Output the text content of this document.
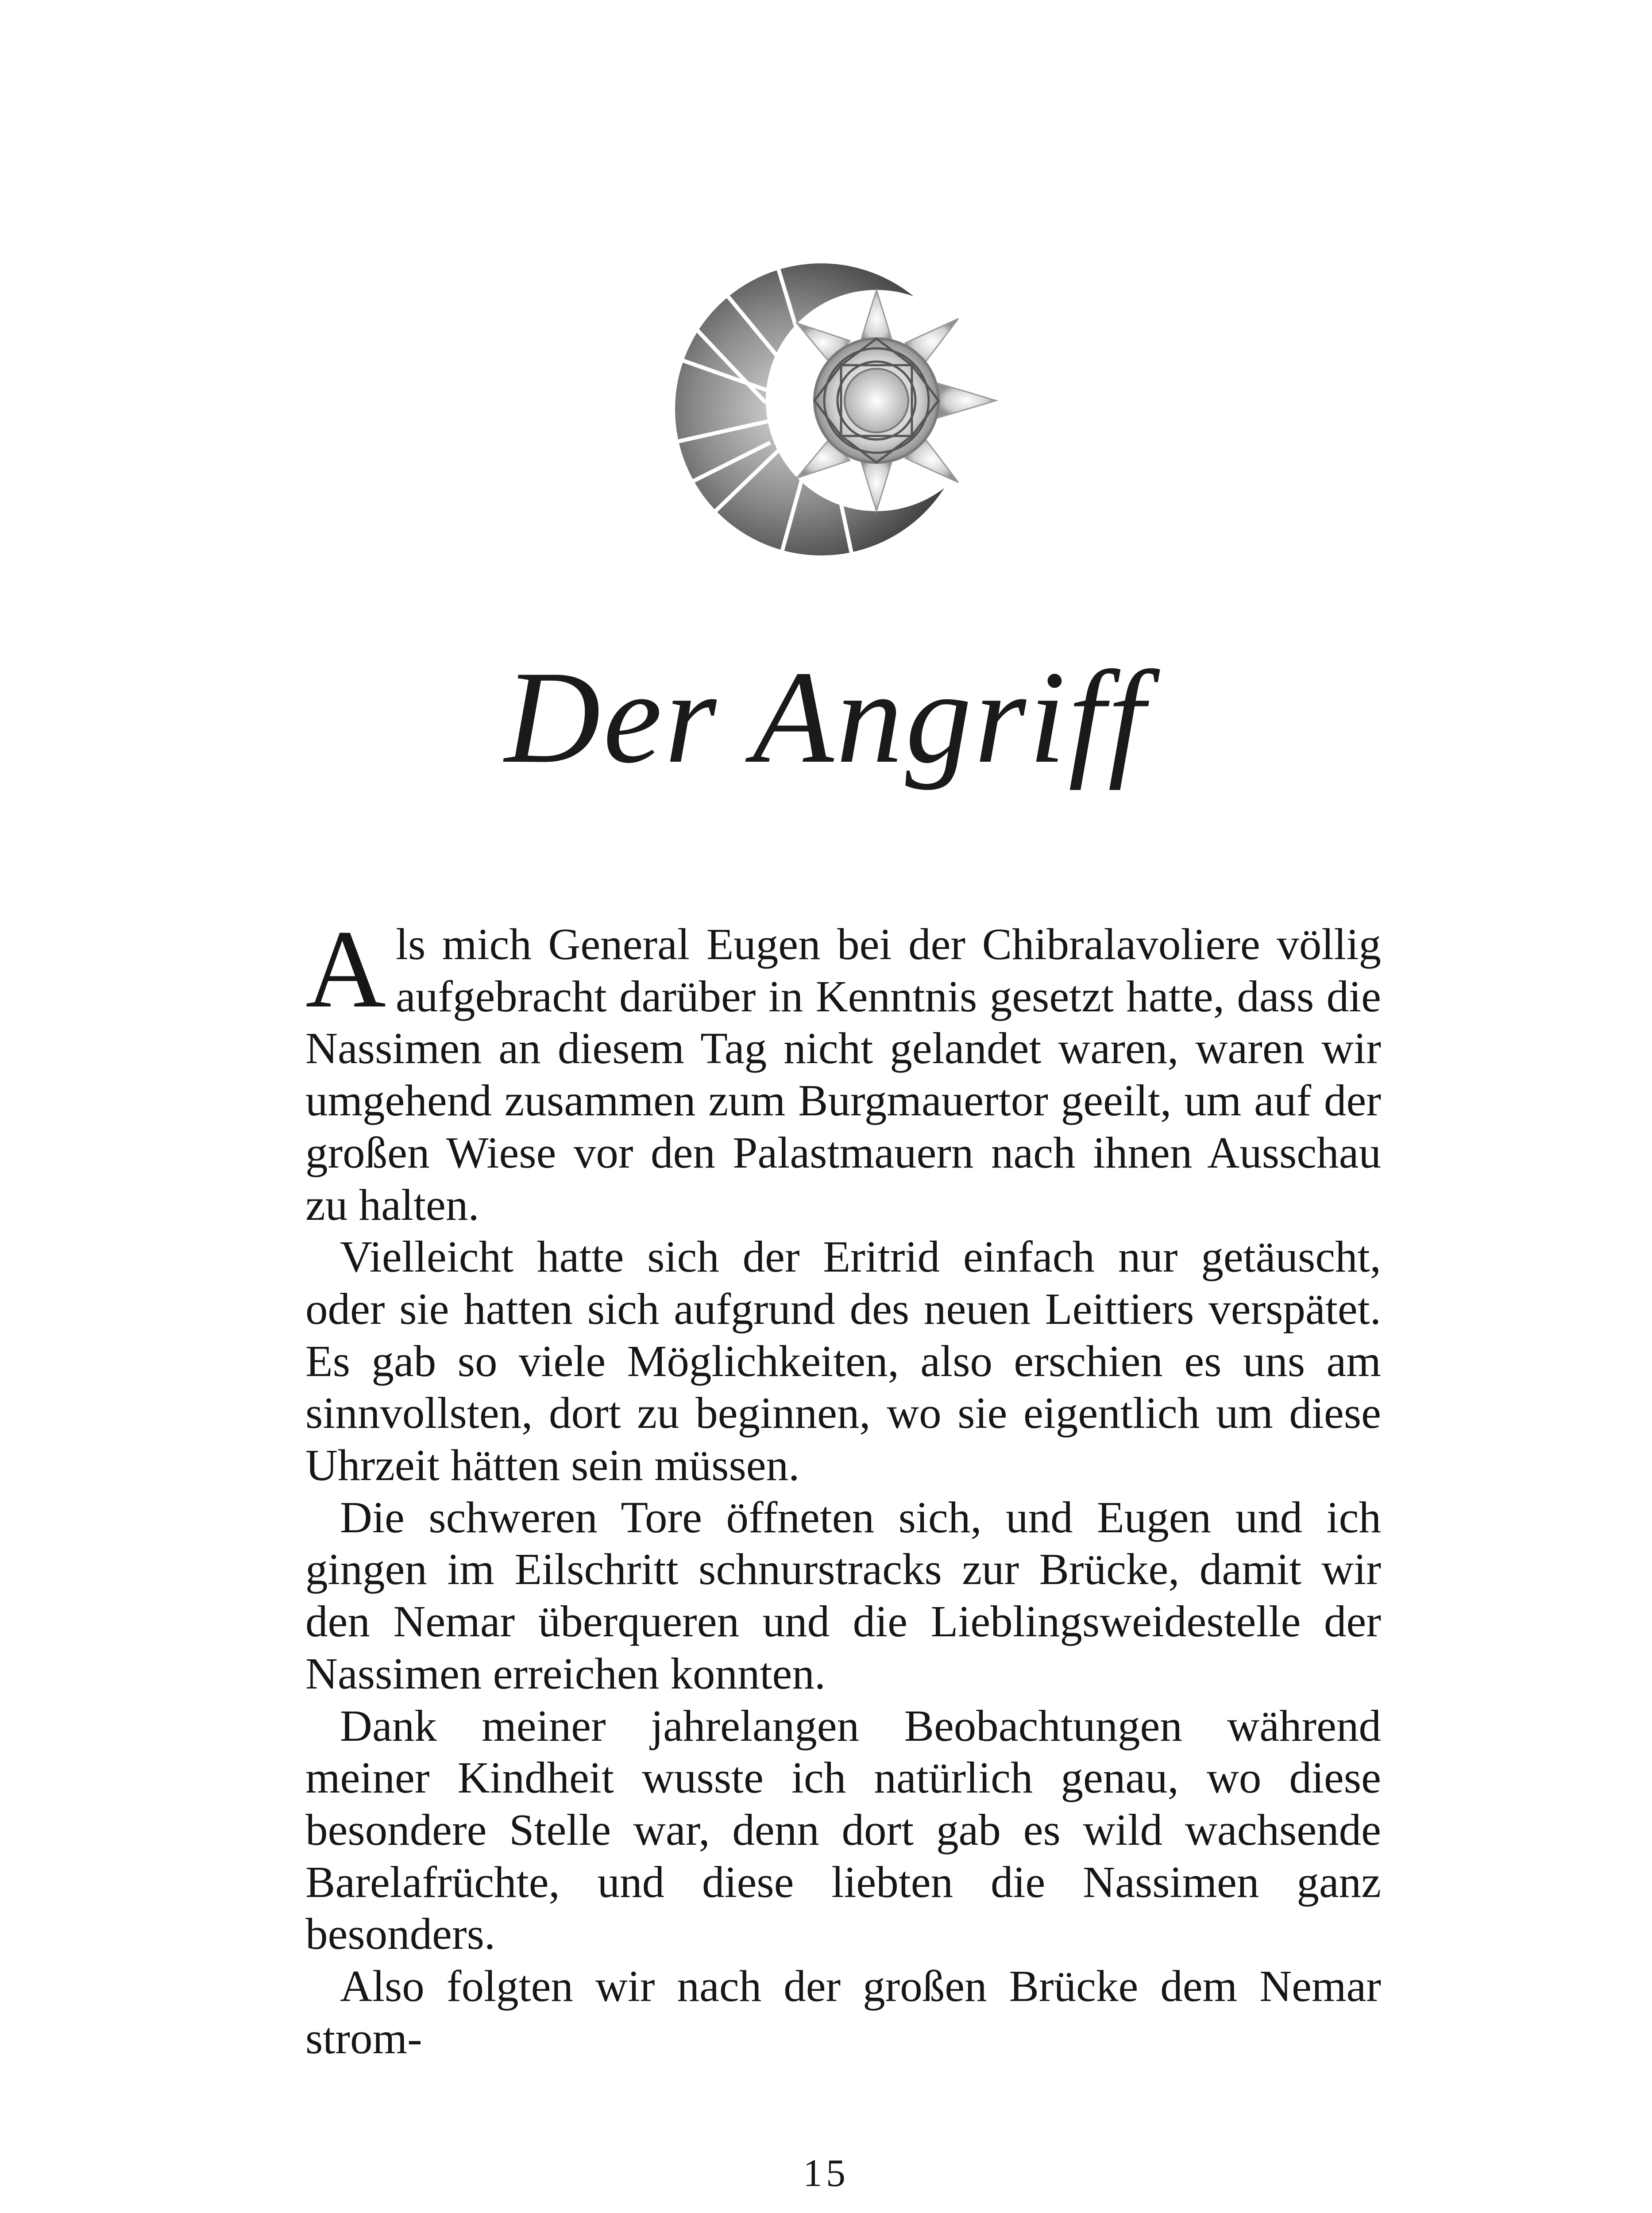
Der Angriff

Als mich General Eugen bei der Chibralavoliere völlig aufgebracht darüber in Kenntnis gesetzt hatte, dass die Nassimen an diesem Tag nicht gelandet waren, waren wir umgehend zusammen zum Burgmauertor geeilt, um auf der großen Wiese vor den Palastmauern nach ihnen Ausschau zu halten.

Vielleicht hatte sich der Eritrid einfach nur getäuscht, oder sie hatten sich aufgrund des neuen Leittiers verspätet. Es gab so viele Möglichkeiten, also erschien es uns am sinnvollsten, dort zu beginnen, wo sie eigentlich um diese Uhrzeit hätten sein müssen.

Die schweren Tore öffneten sich, und Eugen und ich gingen im Eilschritt schnurstracks zur Brücke, damit wir den Nemar überqueren und die Lieblingsweidestelle der Nassimen erreichen konnten.

Dank meiner jahrelangen Beobachtungen während meiner Kindheit wusste ich natürlich genau, wo diese besondere Stelle war, denn dort gab es wild wachsende Barelafrüchte, und diese liebten die Nassimen ganz besonders.

Also folgten wir nach der großen Brücke dem Nemar strom-

15
